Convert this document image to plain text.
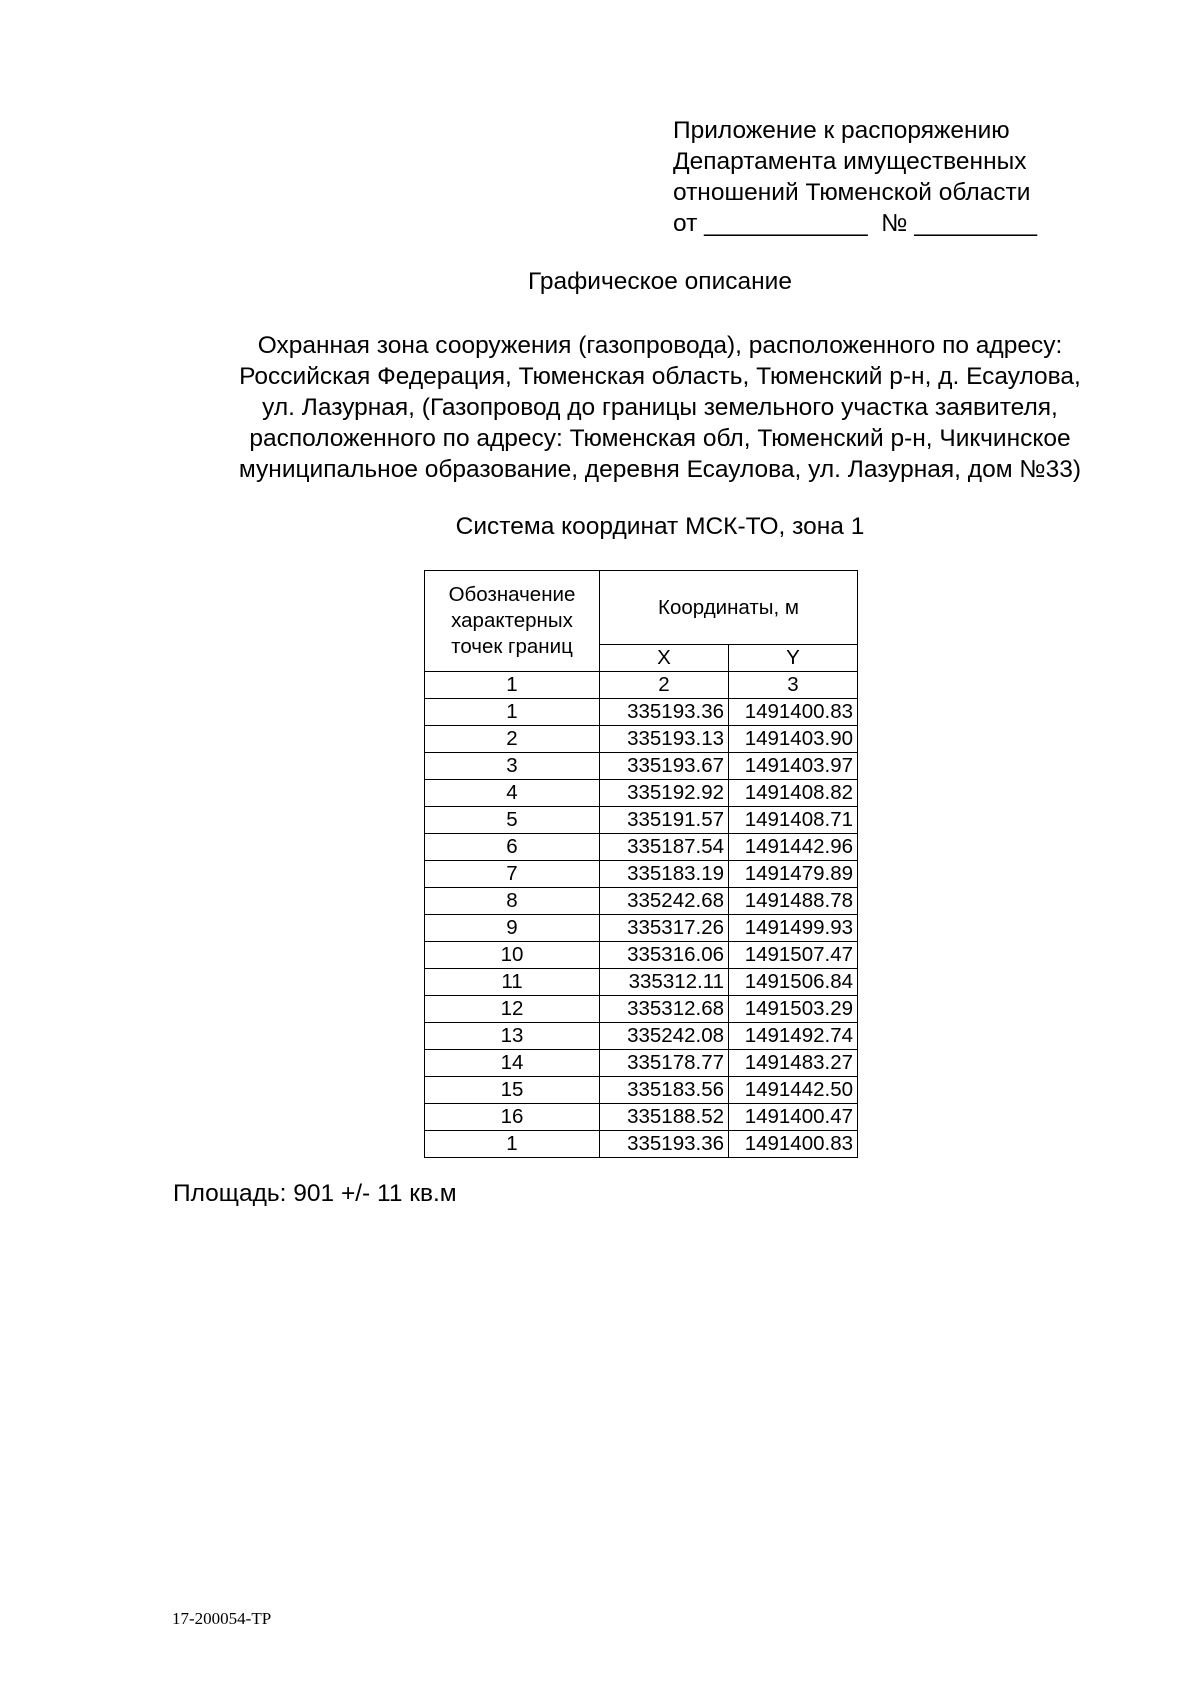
Приложение к распоряжению
Департамента имущественных
отношений Тюменской области
от ____________  № _________
Графическое описание
Охранная зона сооружения (газопровода), расположенного по адресу:
Российская Федерация, Тюменская область, Тюменский р-н, д. Есаулова,
ул. Лазурная, (Газопровод до границы земельного участка заявителя,
расположенного по адресу: Тюменская обл, Тюменский р-н, Чикчинское
муниципальное образование, деревня Есаулова, ул. Лазурная, дом №33)
Система координат МСК-ТО, зона 1
Обозначение
характерных
точек границ	Координаты, м	
	X	Y
1	2	3
1	335193.36	1491400.83
2	335193.13	1491403.90
3	335193.67	1491403.97
4	335192.92	1491408.82
5	335191.57	1491408.71
6	335187.54	1491442.96
7	335183.19	1491479.89
8	335242.68	1491488.78
9	335317.26	1491499.93
10	335316.06	1491507.47
11	335312.11	1491506.84
12	335312.68	1491503.29
13	335242.08	1491492.74
14	335178.77	1491483.27
15	335183.56	1491442.50
16	335188.52	1491400.47
1	335193.36	1491400.83
Площадь: 901 +/- 11 кв.м
17-200054-ТР
